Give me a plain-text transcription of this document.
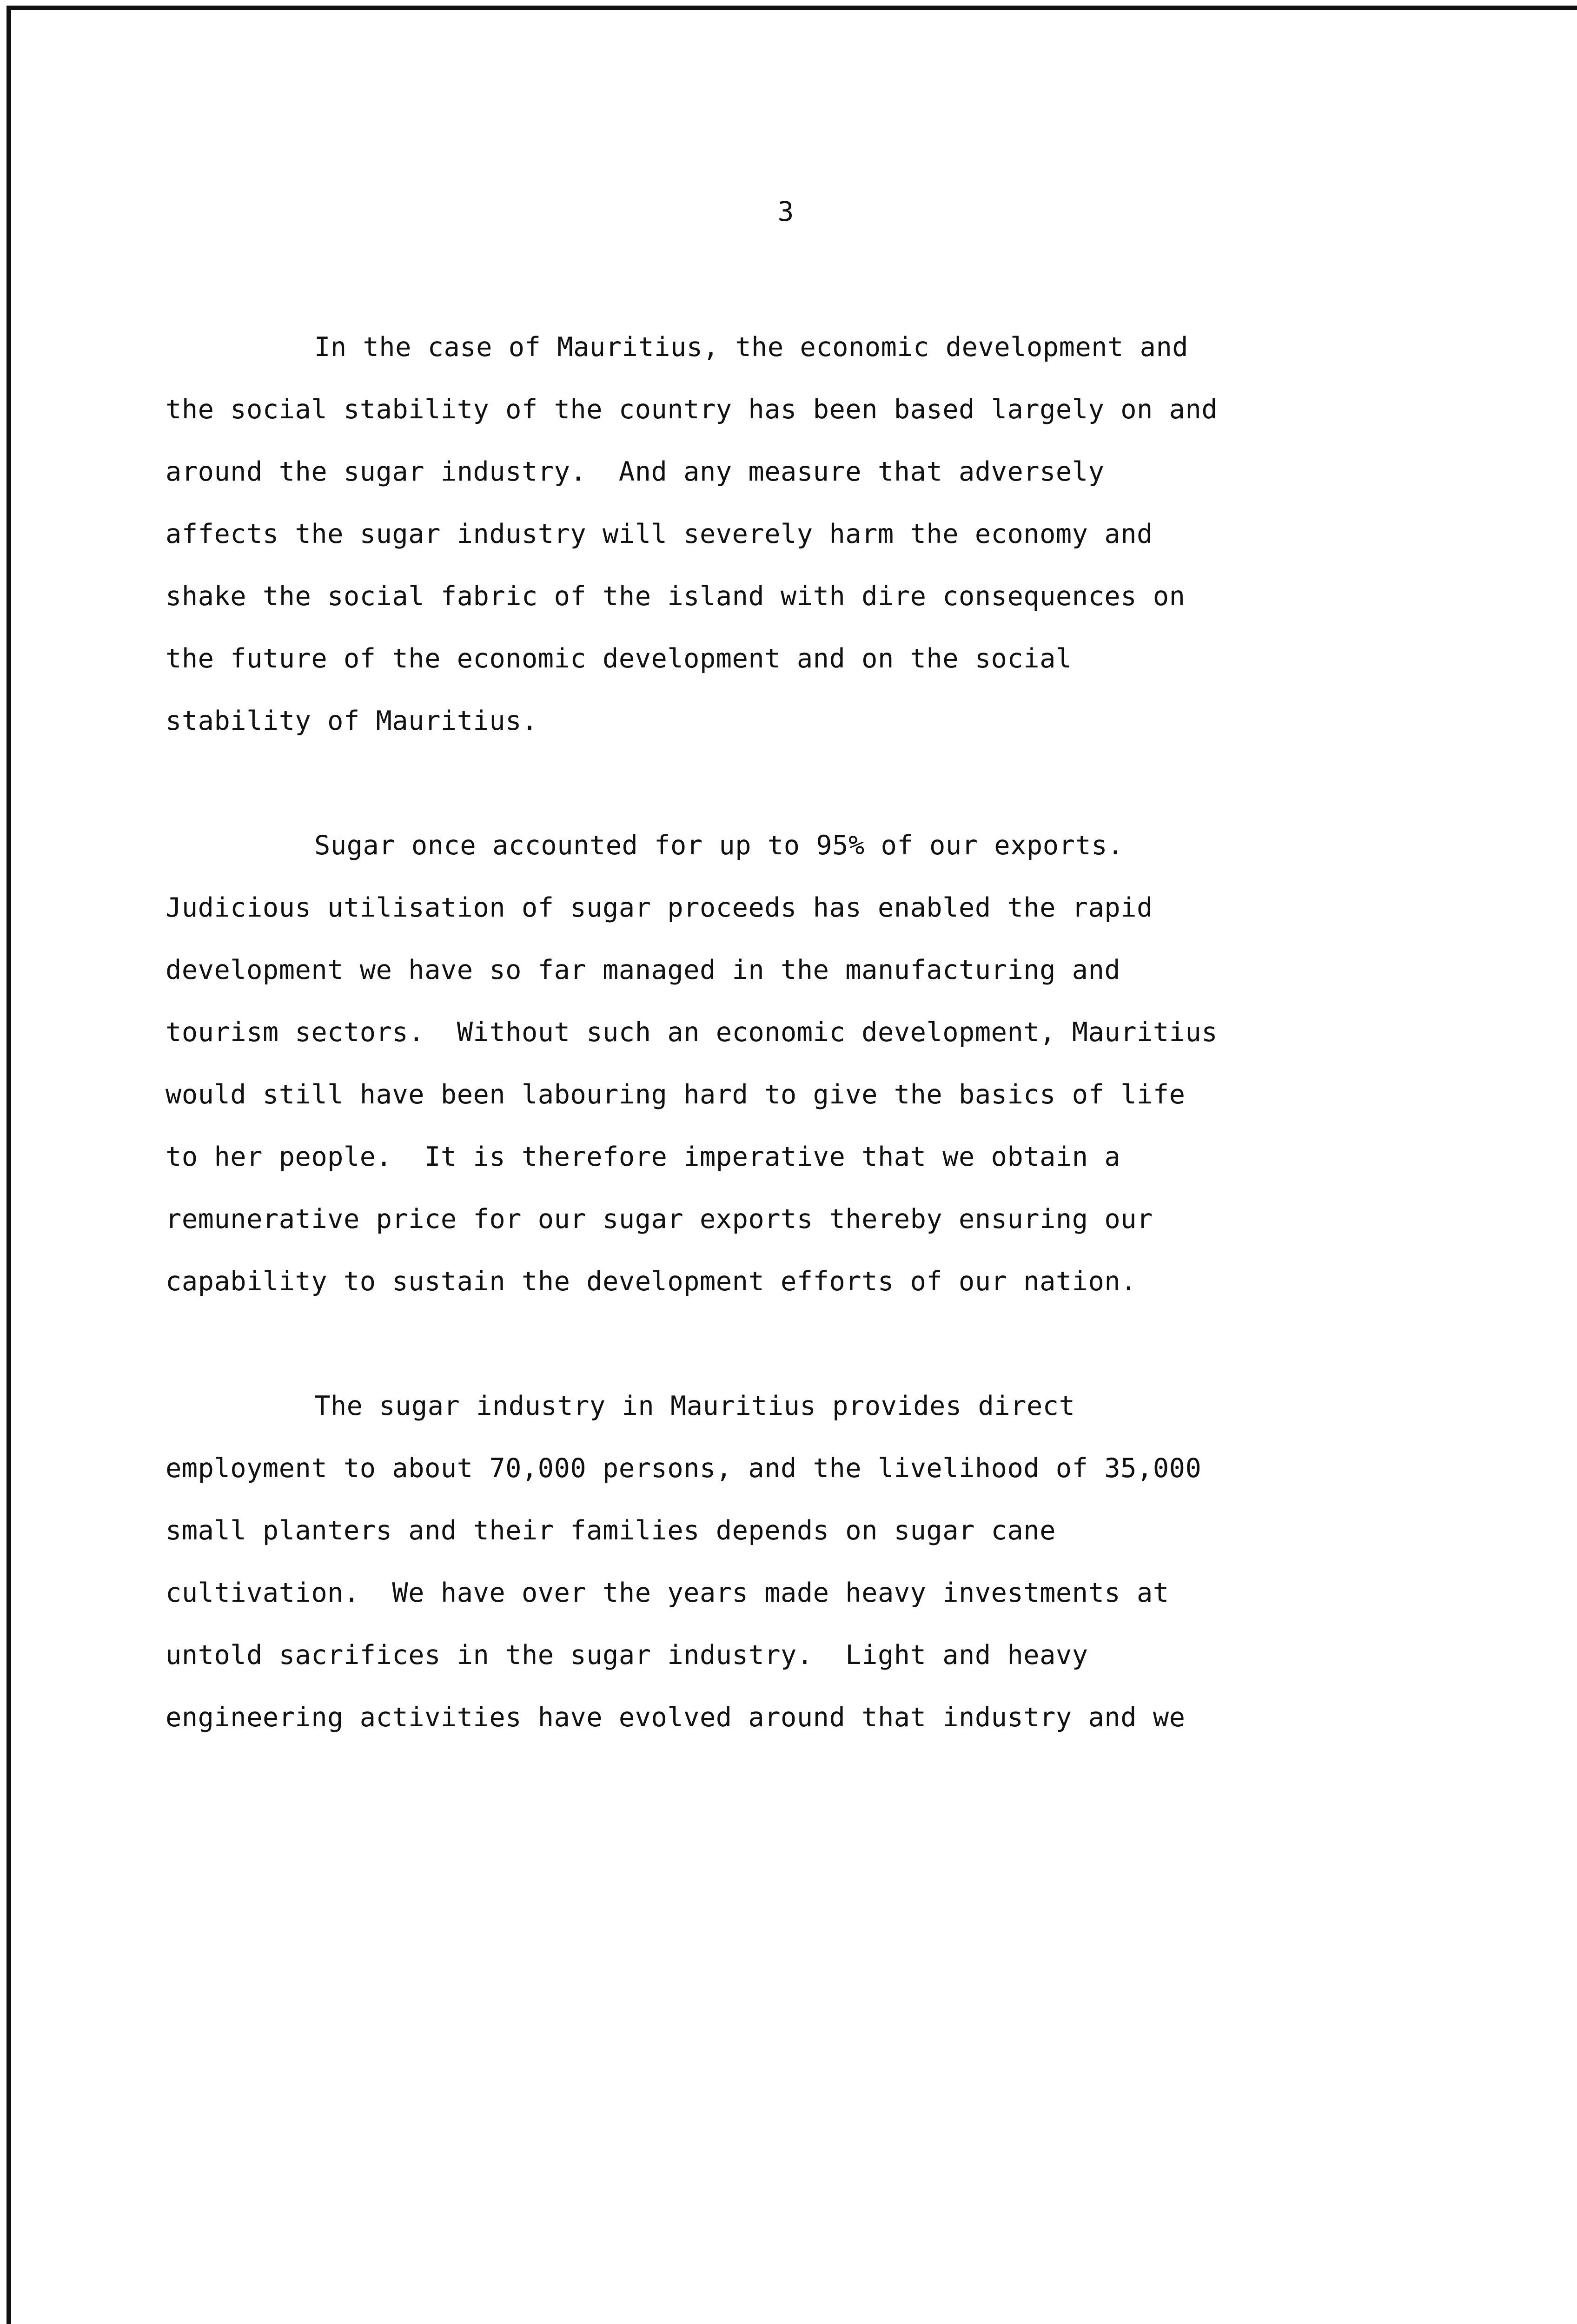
3
In the case of Mauritius, the economic development and
the social stability of the country has been based largely on and
around the sugar industry.  And any measure that adversely
affects the sugar industry will severely harm the economy and
shake the social fabric of the island with dire consequences on
the future of the economic development and on the social
stability of Mauritius.
Sugar once accounted for up to 95% of our exports.
Judicious utilisation of sugar proceeds has enabled the rapid
development we have so far managed in the manufacturing and
tourism sectors.  Without such an economic development, Mauritius
would still have been labouring hard to give the basics of life
to her people.  It is therefore imperative that we obtain a
remunerative price for our sugar exports thereby ensuring our
capability to sustain the development efforts of our nation.
The sugar industry in Mauritius provides direct
employment to about 70,000 persons, and the livelihood of 35,000
small planters and their families depends on sugar cane
cultivation.  We have over the years made heavy investments at
untold sacrifices in the sugar industry.  Light and heavy
engineering activities have evolved around that industry and we
